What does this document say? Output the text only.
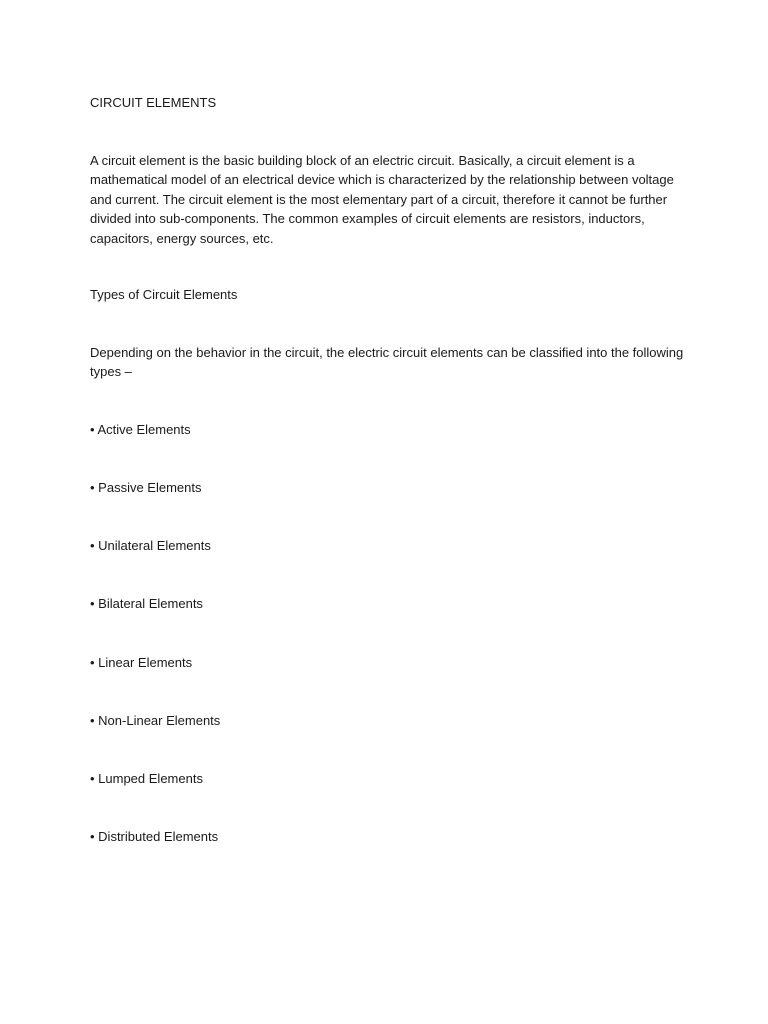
CIRCUIT ELEMENTS
A circuit element is the basic building block of an electric circuit. Basically, a circuit element is a
mathematical model of an electrical device which is characterized by the relationship between voltage
and current. The circuit element is the most elementary part of a circuit, therefore it cannot be further
divided into sub-components. The common examples of circuit elements are resistors, inductors,
capacitors, energy sources, etc.
Types of Circuit Elements
Depending on the behavior in the circuit, the electric circuit elements can be classified into the following
types –
• Active Elements
• Passive Elements
• Unilateral Elements
• Bilateral Elements
• Linear Elements
• Non-Linear Elements
• Lumped Elements
• Distributed Elements
